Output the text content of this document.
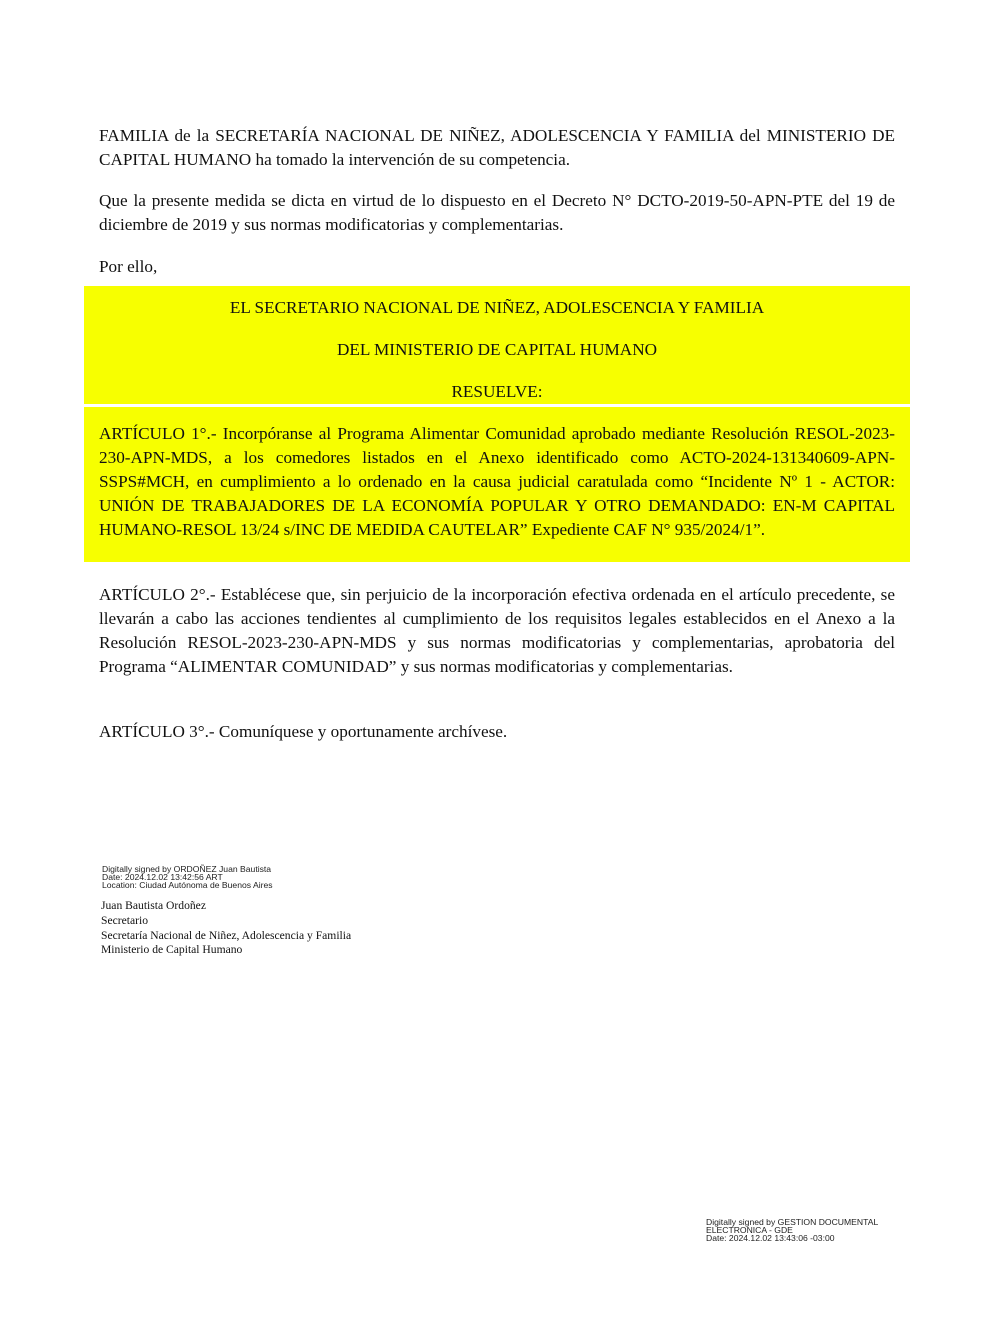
FAMILIA de la SECRETARÍA NACIONAL DE NIÑEZ, ADOLESCENCIA Y FAMILIA del MINISTERIO DE CAPITAL HUMANO ha tomado la intervención de su competencia.

Que la presente medida se dicta en virtud de lo dispuesto en el Decreto N° DCTO-2019-50-APN-PTE del 19 de diciembre de 2019 y sus normas modificatorias y complementarias.

Por ello,

EL SECRETARIO NACIONAL DE NIÑEZ, ADOLESCENCIA Y FAMILIA

DEL MINISTERIO DE CAPITAL HUMANO

RESUELVE:

ARTÍCULO 1°.- Incorpóranse al Programa Alimentar Comunidad aprobado mediante Resolución RESOL-2023-230-APN-MDS, a los comedores listados en el Anexo identificado como ACTO-2024-131340609-APN-SSPS#MCH, en cumplimiento a lo ordenado en la causa judicial caratulada como “Incidente Nº 1 - ACTOR: UNIÓN DE TRABAJADORES DE LA ECONOMÍA POPULAR Y OTRO DEMANDADO: EN-M CAPITAL HUMANO-RESOL 13/24 s/INC DE MEDIDA CAUTELAR” Expediente CAF N° 935/2024/1”.

ARTÍCULO 2°.- Establécese que, sin perjuicio de la incorporación efectiva ordenada en el artículo precedente, se llevarán a cabo las acciones tendientes al cumplimiento de los requisitos legales establecidos en el Anexo a la Resolución RESOL-2023-230-APN-MDS y sus normas modificatorias y complementarias, aprobatoria del Programa “ALIMENTAR COMUNIDAD” y sus normas modificatorias y complementarias.

ARTÍCULO 3°.- Comuníquese y oportunamente archívese.

Digitally signed by ORDOÑEZ Juan Bautista

Date: 2024.12.02 13:42:56 ART

Location: Ciudad Autónoma de Buenos Aires

Juan Bautista Ordoñez

Secretario

Secretaría Nacional de Niñez, Adolescencia y Familia

Ministerio de Capital Humano

Digitally signed by GESTION DOCUMENTAL

ELECTRONICA - GDE

Date: 2024.12.02 13:43:06 -03:00
